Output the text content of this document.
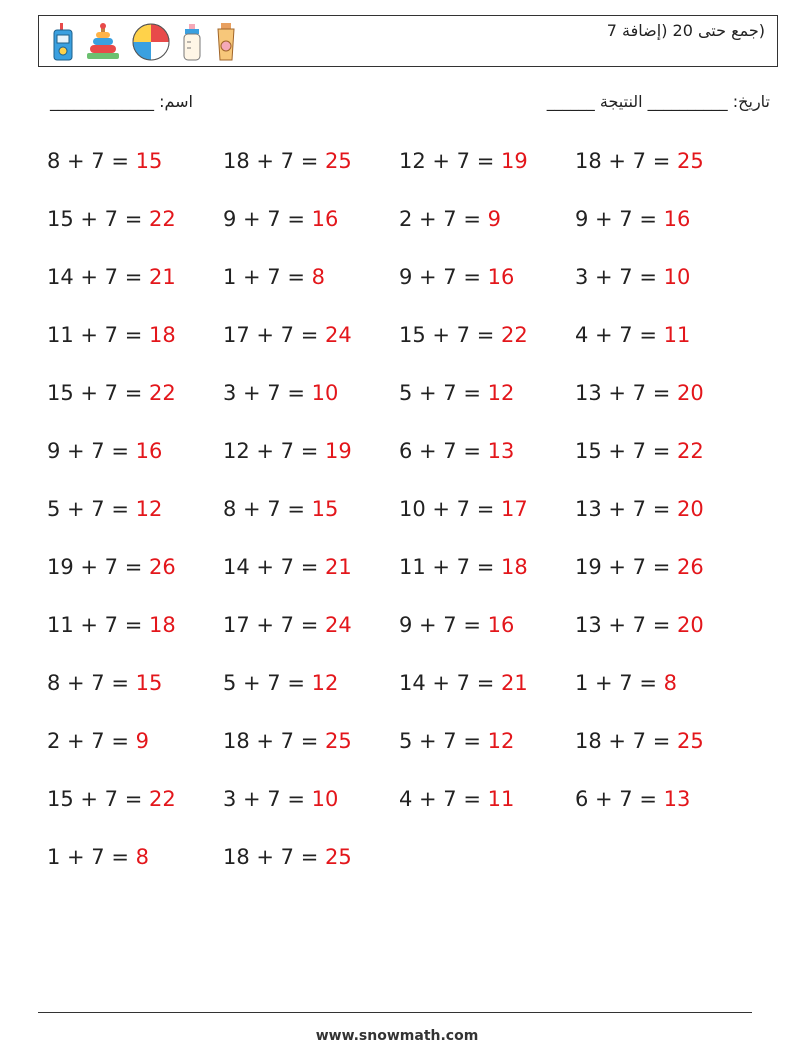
(جمع حتى 20 (إضافة 7
اسم: _____________	تاريخ: __________ النتيجة ______
8 + 7 = 15	18 + 7 = 25	12 + 7 = 19	18 + 7 = 25
15 + 7 = 22	9 + 7 = 16	2 + 7 = 9	9 + 7 = 16
14 + 7 = 21	1 + 7 = 8	9 + 7 = 16	3 + 7 = 10
11 + 7 = 18	17 + 7 = 24	15 + 7 = 22	4 + 7 = 11
15 + 7 = 22	3 + 7 = 10	5 + 7 = 12	13 + 7 = 20
9 + 7 = 16	12 + 7 = 19	6 + 7 = 13	15 + 7 = 22
5 + 7 = 12	8 + 7 = 15	10 + 7 = 17	13 + 7 = 20
19 + 7 = 26	14 + 7 = 21	11 + 7 = 18	19 + 7 = 26
11 + 7 = 18	17 + 7 = 24	9 + 7 = 16	13 + 7 = 20
8 + 7 = 15	5 + 7 = 12	14 + 7 = 21	1 + 7 = 8
2 + 7 = 9	18 + 7 = 25	5 + 7 = 12	18 + 7 = 25
15 + 7 = 22	3 + 7 = 10	4 + 7 = 11	6 + 7 = 13
1 + 7 = 8	18 + 7 = 25
www.snowmath.com
